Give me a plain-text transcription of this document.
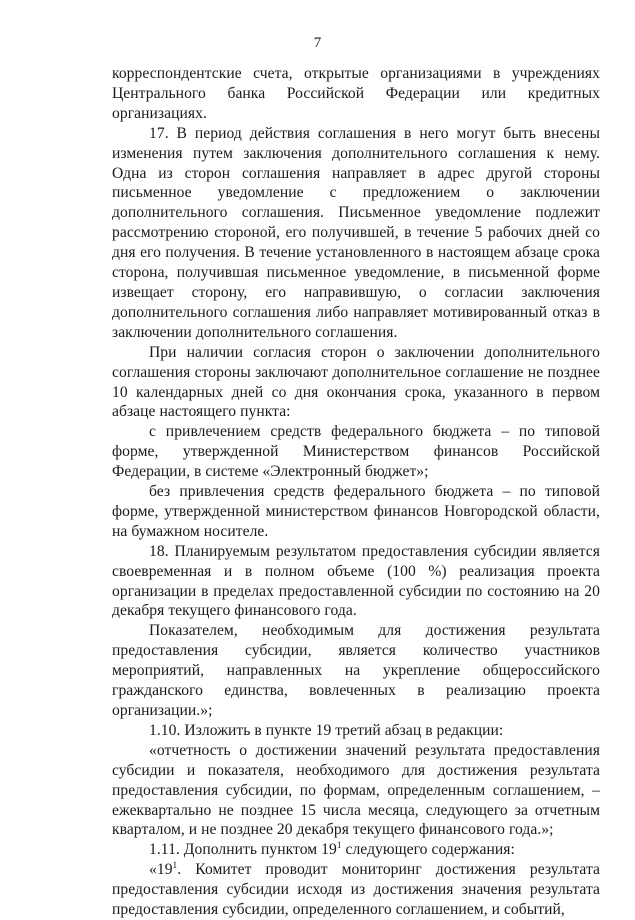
7

корреспондентские счета, открытые организациями в учреждениях Центрального банка Российской Федерации или кредитных организациях.

17. В период действия соглашения в него могут быть внесены изменения путем заключения дополнительного соглашения к нему. Одна из сторон соглашения направляет в адрес другой стороны письменное уведомление с предложением о заключении дополнительного соглашения. Письменное уведомление подлежит рассмотрению стороной, его получившей, в течение 5 рабочих дней со дня его получения. В течение установленного в настоящем абзаце срока сторона, получившая письменное уведомление, в письменной форме извещает сторону, его направившую, о согласии заключения дополнительного соглашения либо направляет мотивированный отказ в заключении дополнительного соглашения.

При наличии согласия сторон о заключении дополнительного соглашения стороны заключают дополнительное соглашение не позднее 10 календарных дней со дня окончания срока, указанного в первом абзаце настоящего пункта:

с привлечением средств федерального бюджета – по типовой форме, утвержденной Министерством финансов Российской Федерации, в системе «Электронный бюджет»;

без привлечения средств федерального бюджета – по типовой форме, утвержденной министерством финансов Новгородской области, на бумажном носителе.

18. Планируемым результатом предоставления субсидии является своевременная и в полном объеме (100 %) реализация проекта организации в пределах предоставленной субсидии по состоянию на 20 декабря текущего финансового года.

Показателем, необходимым для достижения результата предоставления субсидии, является количество участников мероприятий, направленных на укрепление общероссийского гражданского единства, вовлеченных в реализацию проекта организации.»;

1.10. Изложить в пункте 19 третий абзац в редакции:

«отчетность о достижении значений результата предоставления субсидии и показателя, необходимого для достижения результата предоставления субсидии, по формам, определенным соглашением, – ежеквартально не позднее 15 числа месяца, следующего за отчетным кварталом, и не позднее 20 декабря текущего финансового года.»;

1.11. Дополнить пунктом $19^1$ следующего содержания:

«$19^1$. Комитет проводит мониторинг достижения результата предоставления субсидии исходя из достижения значения результата предоставления субсидии, определенного соглашением, и событий,
